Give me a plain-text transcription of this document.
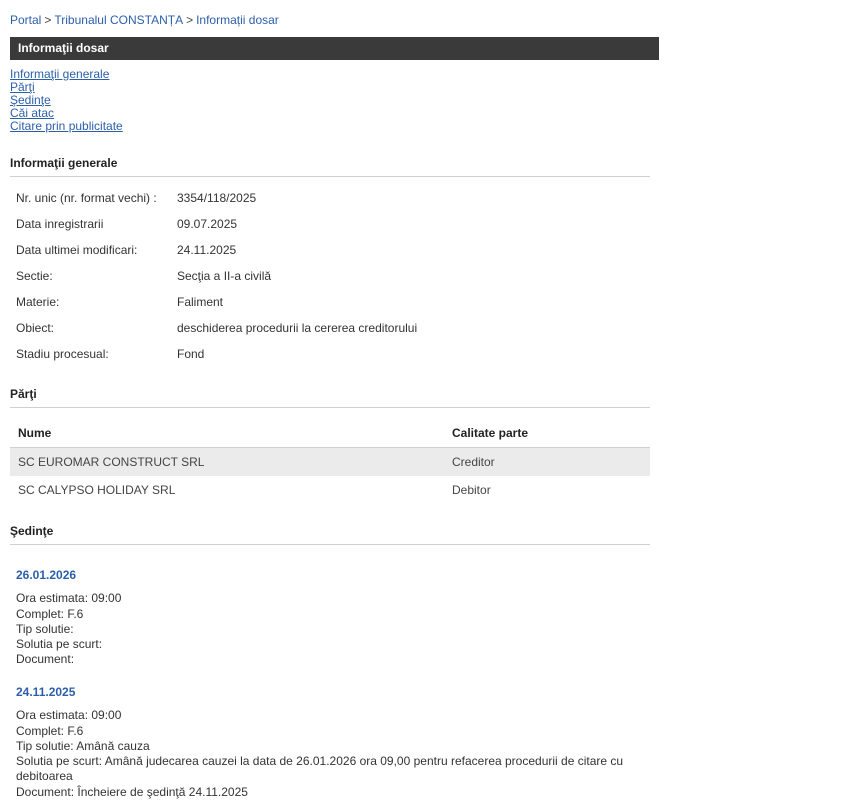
Portal > Tribunalul CONSTANȚA > Informații dosar
Informaţii dosar
Informaţii generale
Părţi
Şedinţe
Căi atac
Citare prin publicitate
Informaţii generale
Nr. unic (nr. format vechi) :	3354/118/2025
Data inregistrarii	09.07.2025
Data ultimei modificari:	24.11.2025
Sectie:	Secţia a II-a civilă
Materie:	Faliment
Obiect:	deschiderea procedurii la cererea creditorului
Stadiu procesual:	Fond
Părţi
Nume	Calitate parte
SC EUROMAR CONSTRUCT SRL	Creditor
SC CALYPSO HOLIDAY SRL	Debitor
Şedinţe
26.01.2026
Ora estimata: 09:00
Complet: F.6
Tip solutie:
Solutia pe scurt:
Document:
24.11.2025
Ora estimata: 09:00
Complet: F.6
Tip solutie: Amână cauza
Solutia pe scurt: Amână judecarea cauzei la data de 26.01.2026 ora 09,00 pentru refacerea procedurii de citare cu debitoarea
Document: Încheiere de şedinţă 24.11.2025
